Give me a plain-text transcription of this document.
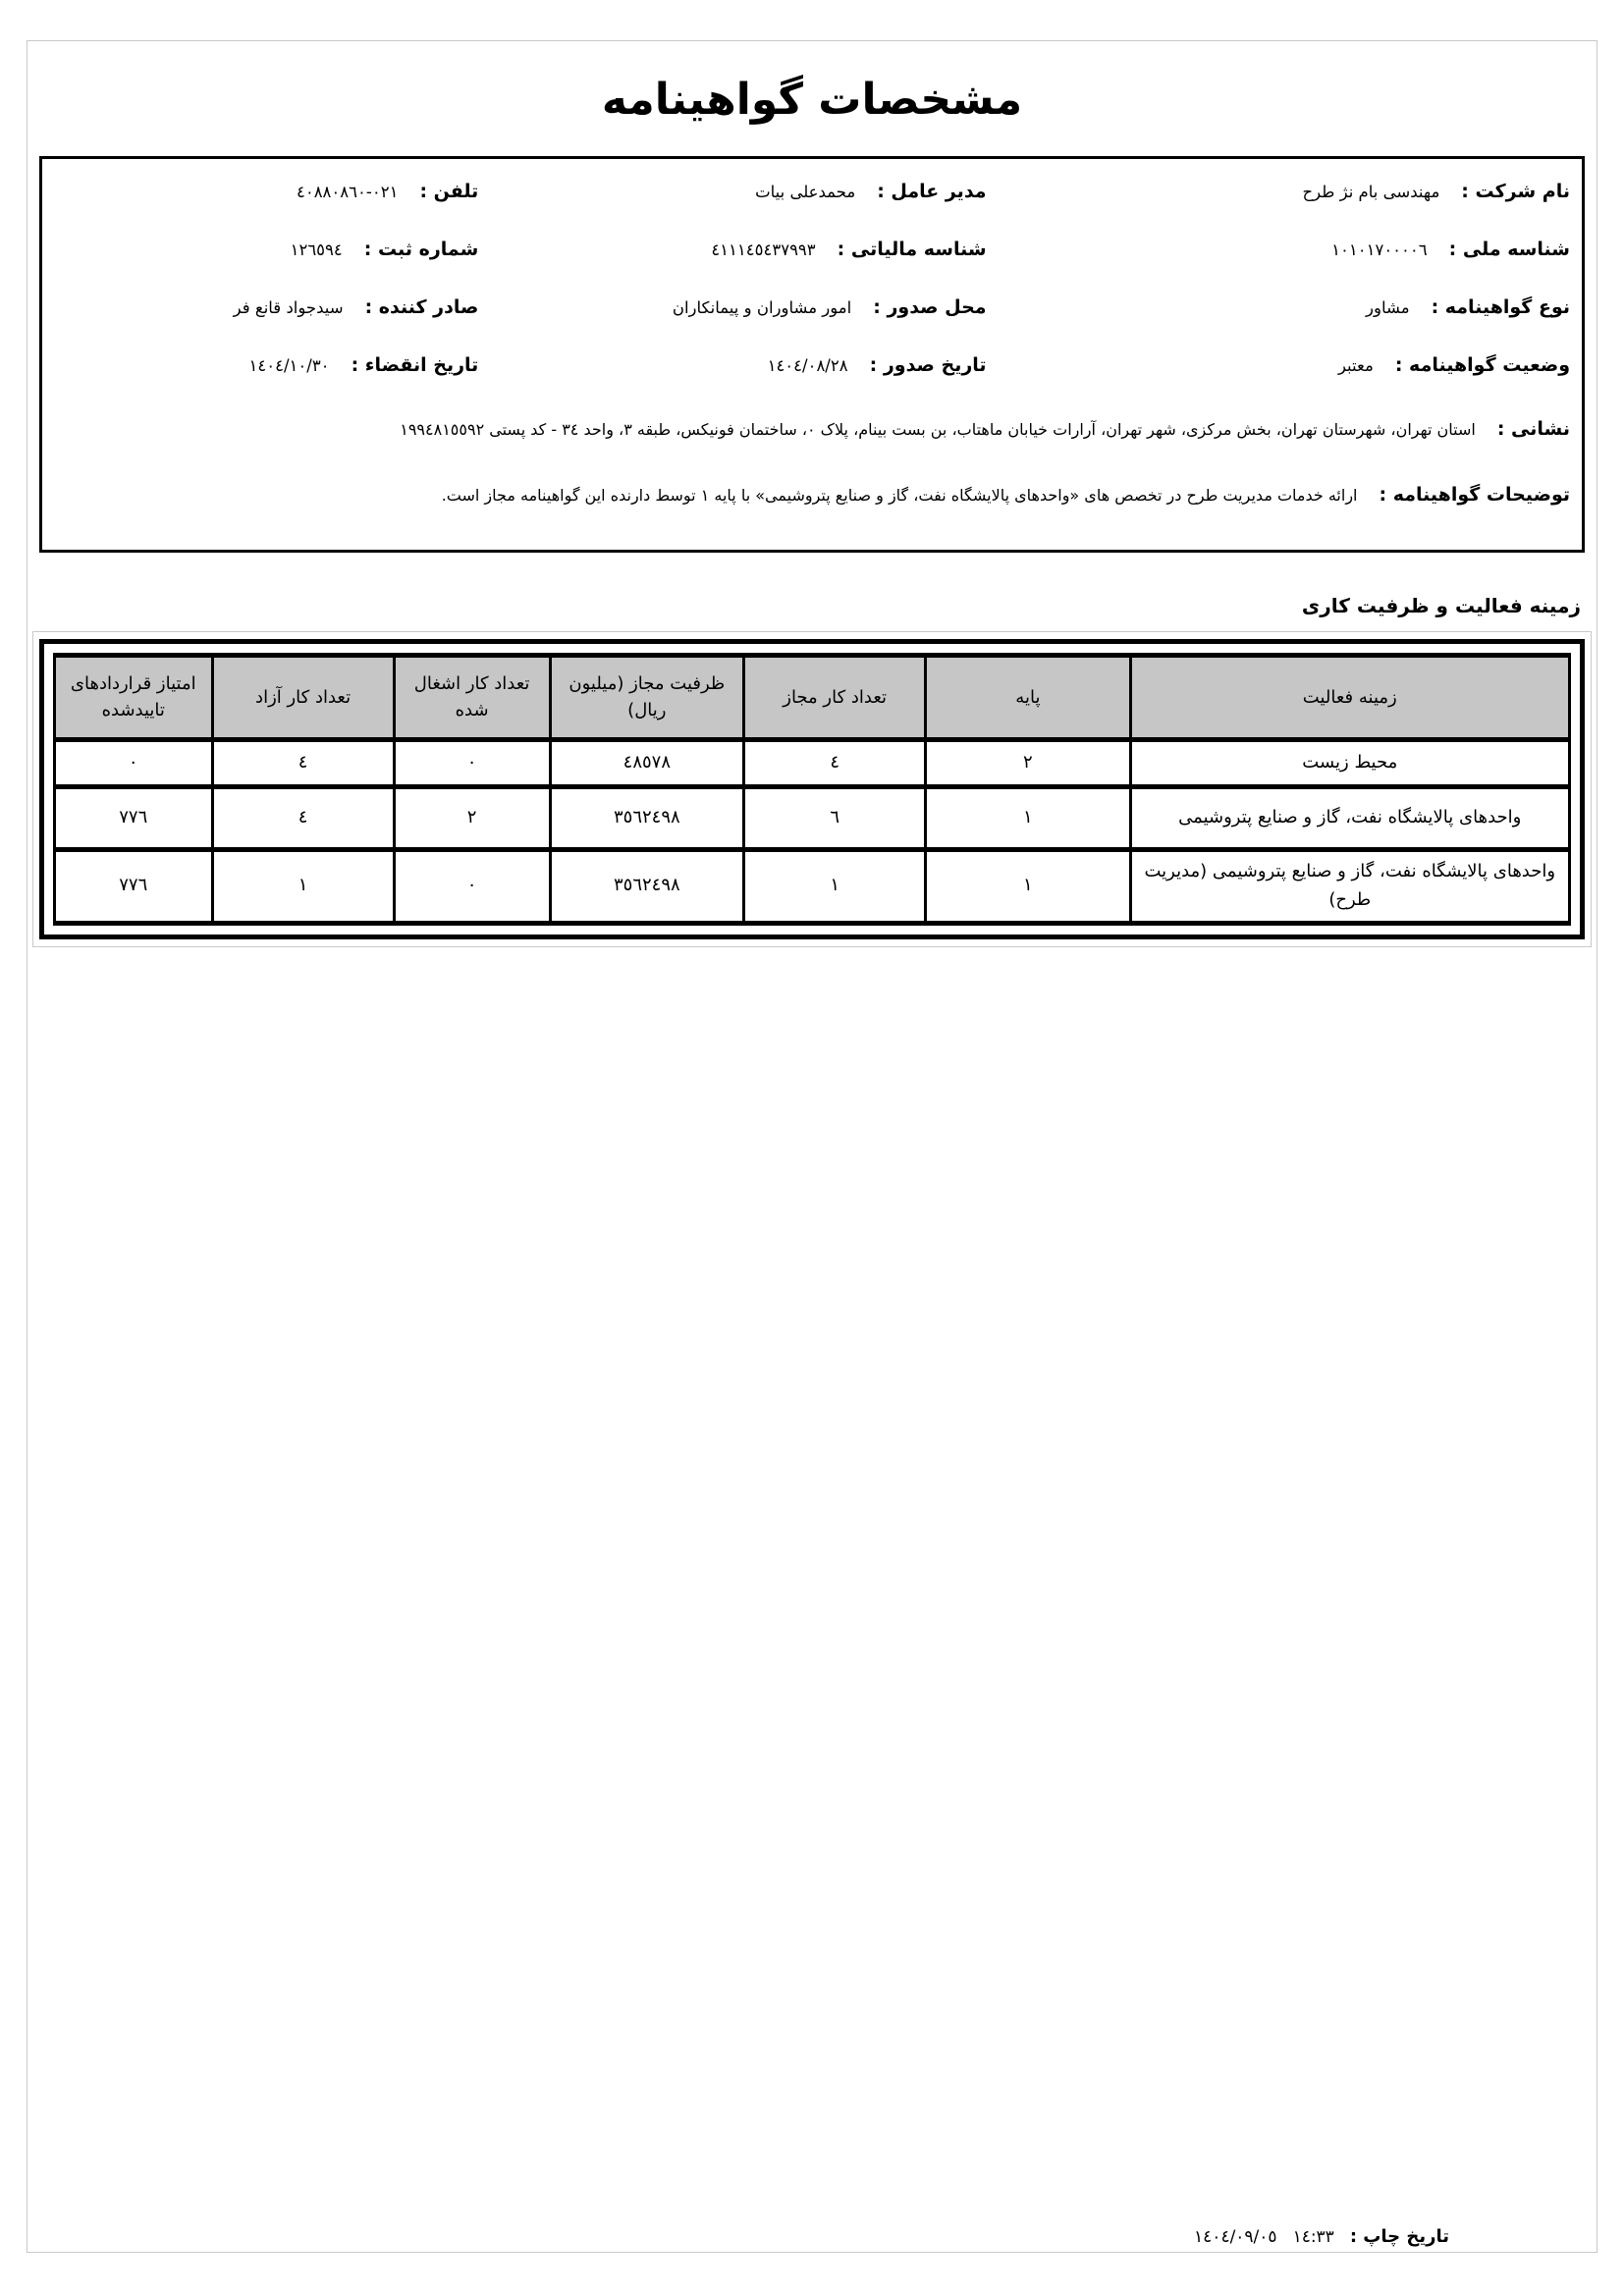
مشخصات گواهینامه
نام شرکت :
مهندسی بام نژ طرح
مدیر عامل :
محمدعلی بیات
تلفن :
٠٢١-٤٠٨٨٠٨٦٠
شناسه ملی :
١٠١٠١٧٠٠٠٠٦
شناسه مالیاتی :
٤١١١٤٥٤٣٧٩٩٣
شماره ثبت :
١٢٦٥٩٤
نوع گواهینامه :
مشاور
محل صدور :
امور مشاوران و پیمانکاران
صادر کننده :
سیدجواد قانع فر
وضعیت گواهینامه :
معتبر
تاریخ صدور :
١٤٠٤/٠٨/٢٨
تاریخ انقضاء :
١٤٠٤/١٠/٣٠
نشانی :
استان تهران، شهرستان تهران، بخش مرکزی، شهر تهران، آرارات خیابان ماهتاب، بن بست بینام، پلاک ٠، ساختمان فونیکس، طبقه ٣، واحد ٣٤ - کد پستی ١٩٩٤٨١٥٥٩٢
توضیحات گواهینامه :
ارائه خدمات مدیریت طرح در تخصص های «واحدهای پالایشگاه نفت، گاز و صنایع پتروشیمی» با پایه ١ توسط دارنده این گواهینامه مجاز است.
زمینه فعالیت و ظرفیت کاری
زمینه فعالیت	پایه	تعداد کار مجاز	ظرفیت مجاز (میلیون ریال)	تعداد کار اشغال شده	تعداد کار آزاد	امتیاز قراردادهای تاییدشده
محیط زیست	٢	٤	٤٨٥٧٨	٠	٤	٠
واحدهای پالایشگاه نفت، گاز و صنایع پتروشیمی	١	٦	٣٥٦٢٤٩٨	٢	٤	٧٧٦
واحدهای پالایشگاه نفت، گاز و صنایع پتروشیمی (مدیریت طرح)	١	١	٣٥٦٢٤٩٨	٠	١	٧٧٦
تاریخ چاپ :
١٤:٣٣
١٤٠٤/٠٩/٠٥
